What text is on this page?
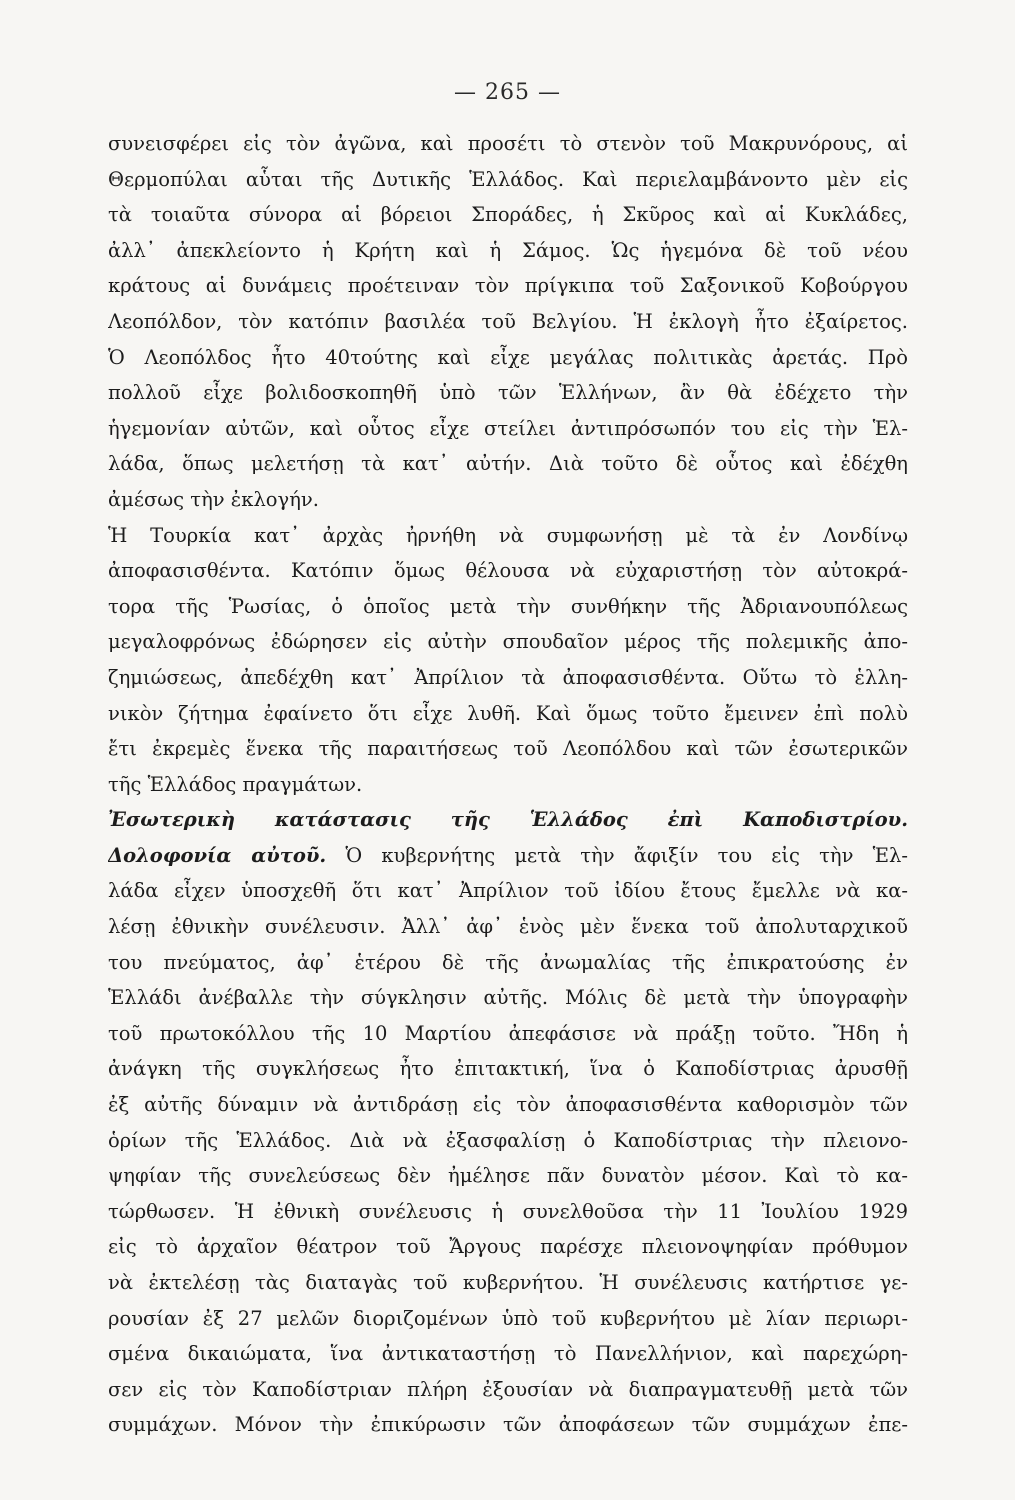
— 265 —
συνεισφέρει εἰς τὸν ἀγῶνα, καὶ προσέτι τὸ στενὸν τοῦ Μακρυνόρους, αἱ
Θερμοπύλαι αὗται τῆς Δυτικῆς Ἑλλάδος. Καὶ περιελαμβάνοντο μὲν εἰς
τὰ τοιαῦτα σύνορα αἱ βόρειοι Σποράδες, ἡ Σκῦρος καὶ αἱ Κυκλάδες,
ἀλλ᾽ ἀπεκλείοντο ἡ Κρήτη καὶ ἡ Σάμος. Ὡς ἡγεμόνα δὲ τοῦ νέου
κράτους αἱ δυνάμεις προέτειναν τὸν πρίγκιπα τοῦ Σαξονικοῦ Κοβούργου
Λεοπόλδον, τὸν κατόπιν βασιλέα τοῦ Βελγίου. Ἡ ἐκλογὴ ἦτο ἐξαίρετος.
Ὁ Λεοπόλδος ἦτο 40τούτης καὶ εἶχε μεγάλας πολιτικὰς ἀρετάς. Πρὸ
πολλοῦ εἶχε βολιδοσκοπηθῆ ὑπὸ τῶν Ἑλλήνων, ἂν θὰ ἐδέχετο τὴν
ἡγεμονίαν αὐτῶν, καὶ οὗτος εἶχε στείλει ἀντιπρόσωπόν του εἰς τὴν Ἑλ-
λάδα, ὅπως μελετήσῃ τὰ κατ᾽ αὐτήν. Διὰ τοῦτο δὲ οὗτος καὶ ἐδέχθη
ἀμέσως τὴν ἐκλογήν.
Ἡ Τουρκία κατ᾽ ἀρχὰς ἠρνήθη νὰ συμφωνήσῃ μὲ τὰ ἐν Λονδίνῳ
ἀποφασισθέντα. Κατόπιν ὅμως θέλουσα νὰ εὐχαριστήσῃ τὸν αὐτοκρά-
τορα τῆς Ῥωσίας, ὁ ὁποῖος μετὰ τὴν συνθήκην τῆς Ἀδριανουπόλεως
μεγαλοφρόνως ἐδώρησεν εἰς αὐτὴν σπουδαῖον μέρος τῆς πολεμικῆς ἀπο-
ζημιώσεως, ἀπεδέχθη κατ᾽ Ἀπρίλιον τὰ ἀποφασισθέντα. Οὕτω τὸ ἑλλη-
νικὸν ζήτημα ἐφαίνετο ὅτι εἶχε λυθῆ. Καὶ ὅμως τοῦτο ἔμεινεν ἐπὶ πολὺ
ἔτι ἐκρεμὲς ἕνεκα τῆς παραιτήσεως τοῦ Λεοπόλδου καὶ τῶν ἐσωτερικῶν
τῆς Ἑλλάδος πραγμάτων.
Ἐσωτερικὴ κατάστασις τῆς Ἑλλάδος ἐπὶ Καποδιστρίου.
Δολοφονία αὐτοῦ. Ὁ κυβερνήτης μετὰ τὴν ἄφιξίν του εἰς τὴν Ἑλ-
λάδα εἶχεν ὑποσχεθῆ ὅτι κατ᾽ Ἀπρίλιον τοῦ ἰδίου ἔτους ἔμελλε νὰ κα-
λέσῃ ἐθνικὴν συνέλευσιν. Ἀλλ᾽ ἀφ᾽ ἑνὸς μὲν ἕνεκα τοῦ ἀπολυταρχικοῦ
του πνεύματος, ἀφ᾽ ἑτέρου δὲ τῆς ἀνωμαλίας τῆς ἐπικρατούσης ἐν
Ἑλλάδι ἀνέβαλλε τὴν σύγκλησιν αὐτῆς. Μόλις δὲ μετὰ τὴν ὑπογραφὴν
τοῦ πρωτοκόλλου τῆς 10 Μαρτίου ἀπεφάσισε νὰ πράξῃ τοῦτο. Ἤδη ἡ
ἀνάγκη τῆς συγκλήσεως ἦτο ἐπιτακτική, ἵνα ὁ Καποδίστριας ἀρυσθῇ
ἐξ αὐτῆς δύναμιν νὰ ἀντιδράσῃ εἰς τὸν ἀποφασισθέντα καθορισμὸν τῶν
ὁρίων τῆς Ἑλλάδος. Διὰ νὰ ἐξασφαλίσῃ ὁ Καποδίστριας τὴν πλειονο-
ψηφίαν τῆς συνελεύσεως δὲν ἠμέλησε πᾶν δυνατὸν μέσον. Καὶ τὸ κα-
τώρθωσεν. Ἡ ἐθνικὴ συνέλευσις ἡ συνελθοῦσα τὴν 11 Ἰουλίου 1929
εἰς τὸ ἀρχαῖον θέατρον τοῦ Ἄργους παρέσχε πλειονοψηφίαν πρόθυμον
νὰ ἐκτελέσῃ τὰς διαταγὰς τοῦ κυβερνήτου. Ἡ συνέλευσις κατήρτισε γε-
ρουσίαν ἐξ 27 μελῶν διοριζομένων ὑπὸ τοῦ κυβερνήτου μὲ λίαν περιωρι-
σμένα δικαιώματα, ἵνα ἀντικαταστήσῃ τὸ Πανελλήνιον, καὶ παρεχώρη-
σεν εἰς τὸν Καποδίστριαν πλήρη ἐξουσίαν νὰ διαπραγματευθῇ μετὰ τῶν
συμμάχων. Μόνον τὴν ἐπικύρωσιν τῶν ἀποφάσεων τῶν συμμάχων ἐπε-
